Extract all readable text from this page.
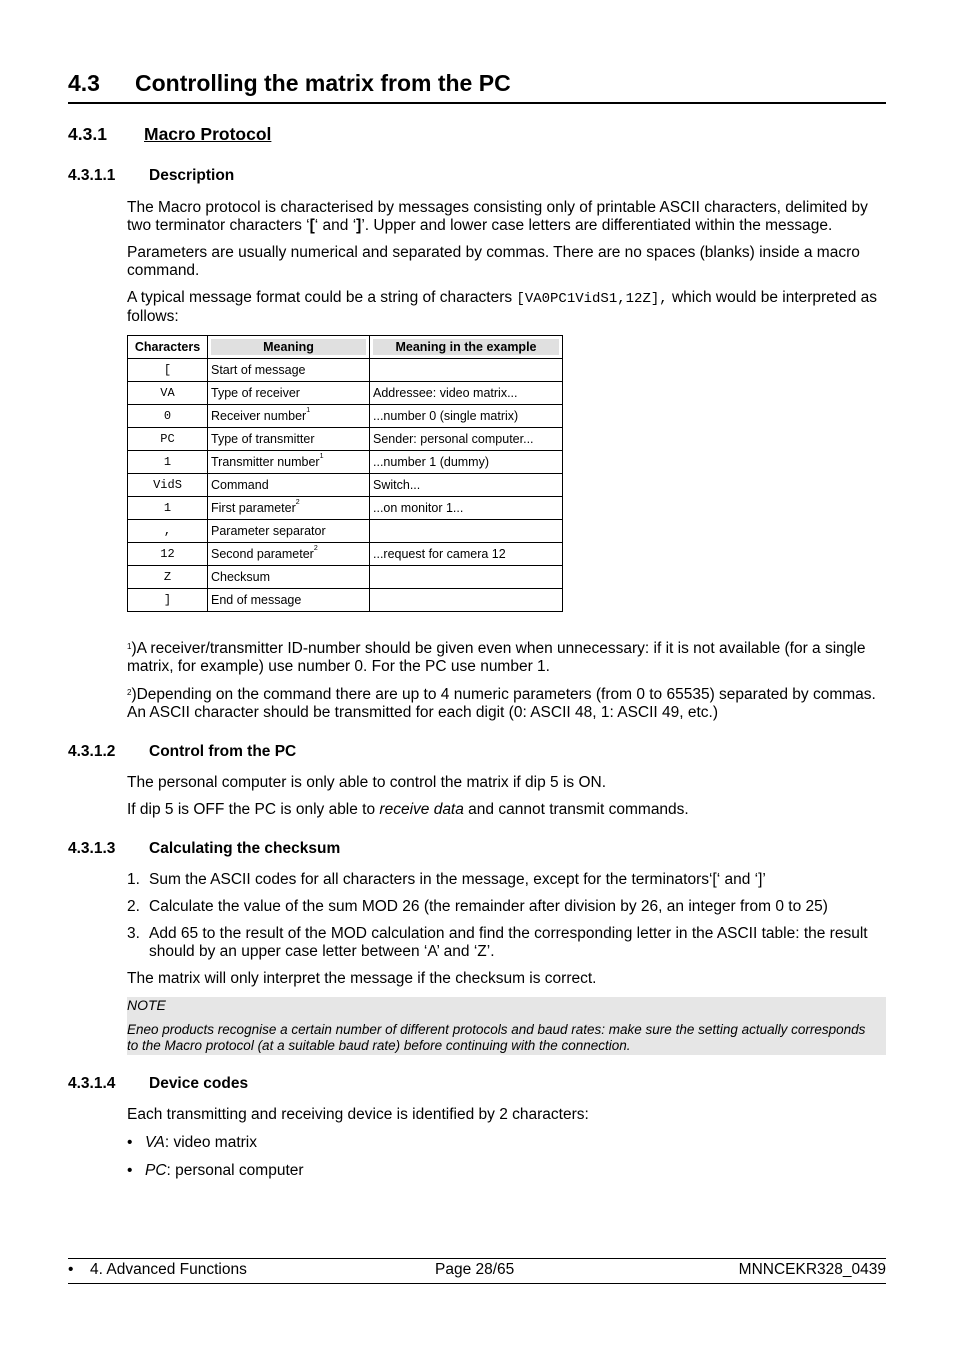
4.3 Controlling the matrix from the PC
4.3.1 Macro Protocol
4.3.1.1 Description
The Macro protocol is characterised by messages consisting only of printable ASCII characters, delimited by two terminator characters ‘[‘ and ‘]’. Upper and lower case letters are differentiated within the message.
Parameters are usually numerical and separated by commas. There are no spaces (blanks) inside a macro command.
A typical message format could be a string of characters [VA0PC1VidS1,12Z], which would be interpreted as follows:
Characters	Meaning	Meaning in the example

[	Start of message	
VA	Type of receiver	Addressee: video matrix...
0	Receiver number$^1$	...number 0 (single matrix)
PC	Type of transmitter	Sender: personal computer...
1	Transmitter number$^1$	...number 1 (dummy)
VidS	Command	Switch...
1	First parameter$^2$	...on monitor 1...
,	Parameter separator	
12	Second parameter$^2$	...request for camera 12
Z	Checksum	
]	End of message	
$^1$)A receiver/transmitter ID-number should be given even when unnecessary: if it is not available (for a single matrix, for example) use number 0. For the PC use number 1.
$^2$)Depending on the command there are up to 4 numeric parameters (from 0 to 65535) separated by commas. An ASCII character should be transmitted for each digit (0: ASCII 48, 1: ASCII 49, etc.)
4.3.1.2 Control from the PC
The personal computer is only able to control the matrix if dip 5 is ON.
If dip 5 is OFF the PC is only able to receive data and cannot transmit commands.
4.3.1.3 Calculating the checksum
1. Sum the ASCII codes for all characters in the message, except for the terminators‘[‘ and ‘]’
2. Calculate the value of the sum MOD 26 (the remainder after division by 26, an integer from 0 to 25)
3. Add 65 to the result of the MOD calculation and find the corresponding letter in the ASCII table: the result should by an upper case letter between ‘A’ and ‘Z’.
The matrix will only interpret the message if the checksum is correct.
NOTE
Eneo products recognise a certain number of different protocols and baud rates: make sure the setting actually corresponds to the Macro protocol (at a suitable baud rate) before continuing with the connection.
4.3.1.4 Device codes
Each transmitting and receiving device is identified by 2 characters:
• VA: video matrix
• PC: personal computer
• 4. Advanced Functions	Page 28/65	MNNCEKR328_0439
